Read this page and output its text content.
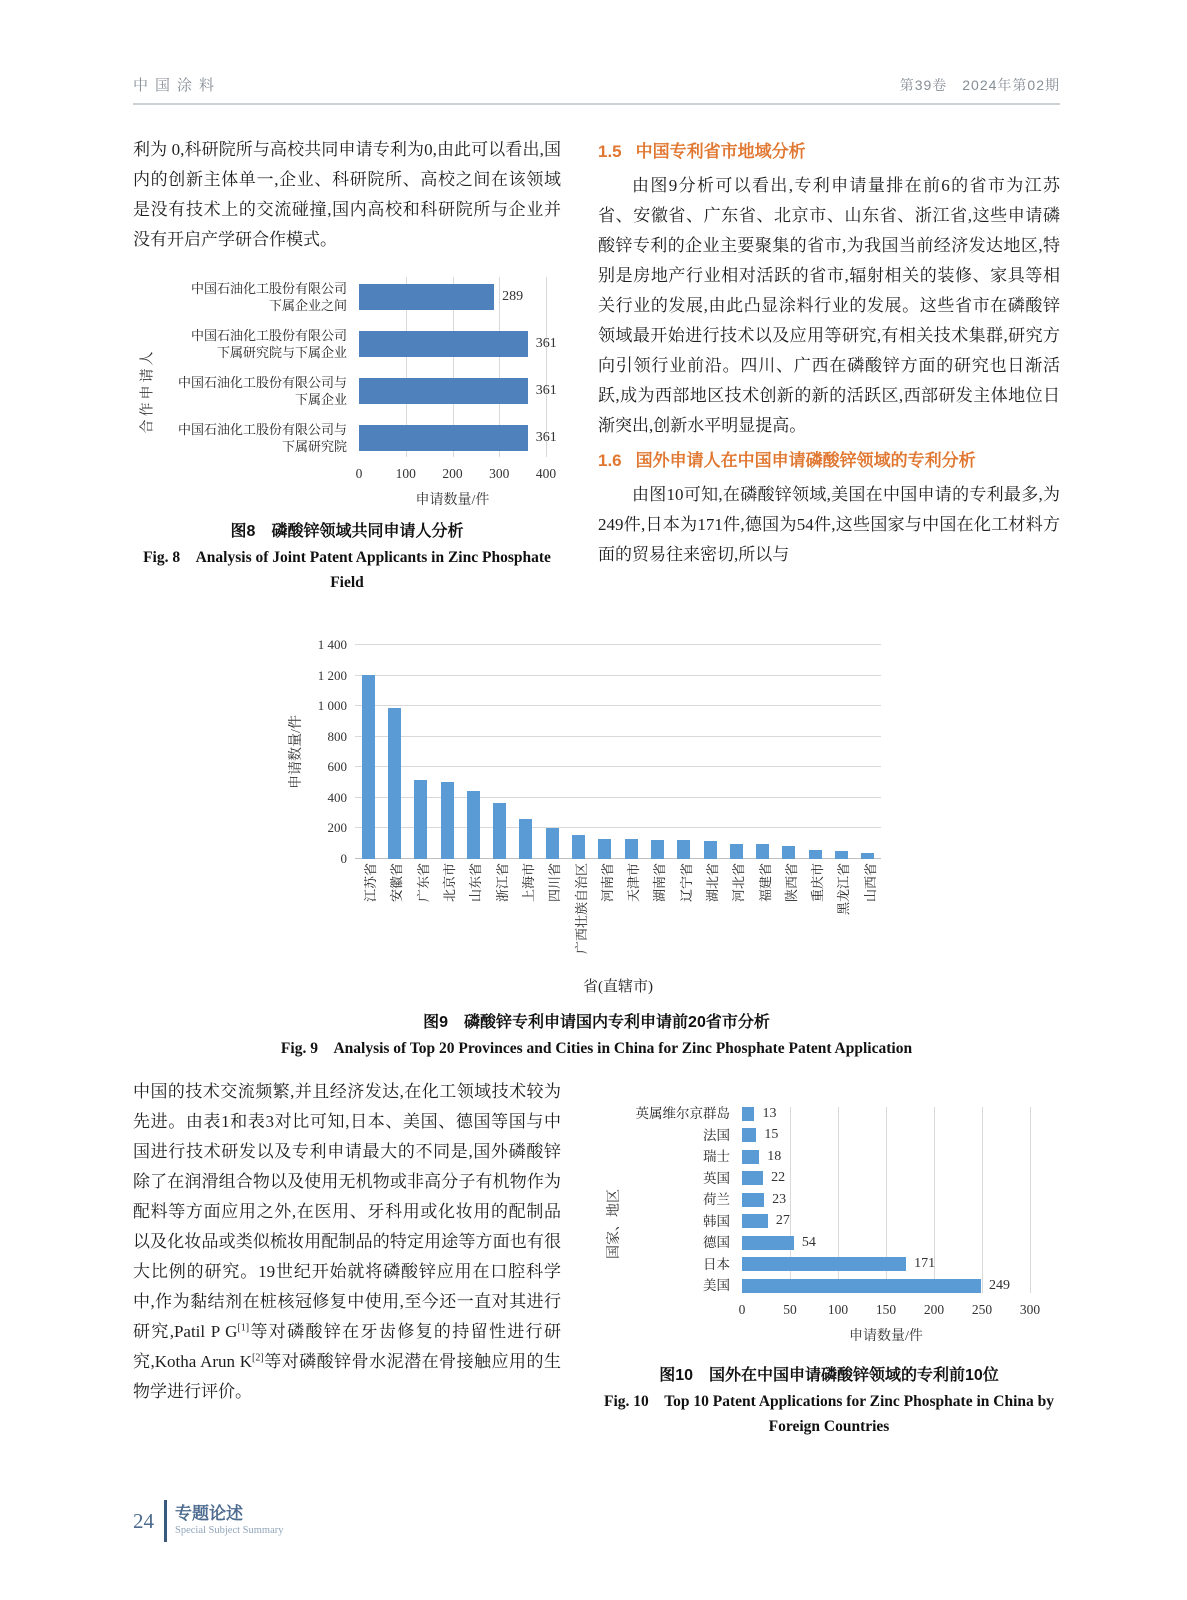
中国涂料	第39卷　2024年第02期

利为 0,科研院所与高校共同申请专利为0,由此可以看出,国内的创新主体单一,企业、科研院所、高校之间在该领域是没有技术上的交流碰撞,国内高校和科研院所与企业并没有开启产学研合作模式。

合作申请人
中国石油化工股份有限公司
下属企业之间
289
中国石油化工股份有限公司
下属研究院与下属企业
361
中国石油化工股份有限公司与
下属企业
361
中国石油化工股份有限公司与
下属研究院
361
0 100 200 300 400
申请数量/件
图8　磷酸锌领域共同申请人分析
Fig. 8　Analysis of Joint Patent Applicants in Zinc Phosphate Field
1.5 中国专利省市地域分析

由图9分析可以看出,专利申请量排在前6的省市为江苏省、安徽省、广东省、北京市、山东省、浙江省,这些申请磷酸锌专利的企业主要聚集的省市,为我国当前经济发达地区,特别是房地产行业相对活跃的省市,辐射相关的装修、家具等相关行业的发展,由此凸显涂料行业的发展。这些省市在磷酸锌领域最开始进行技术以及应用等研究,有相关技术集群,研究方向引领行业前沿。四川、广西在磷酸锌方面的研究也日渐活跃,成为西部地区技术创新的新的活跃区,西部研发主体地位日渐突出,创新水平明显提高。

1.6 国外申请人在中国申请磷酸锌领域的专利分析

由图10可知,在磷酸锌领域,美国在中国申请的专利最多,为249件,日本为171件,德国为54件,这些国家与中国在化工材料方面的贸易往来密切,所以与

申请数量/件
0
200
400
600
800
1 000
1 200
1 400
江苏省 安徽省 广东省 北京市 山东省 浙江省 上海市 四川省 广西壮族自治区 河南省 天津市 湖南省 辽宁省 湖北省 河北省 福建省 陕西省 重庆市 黑龙江省 山西省
省(直辖市)
图9　磷酸锌专利申请国内专利申请前20省市分析
Fig. 9　Analysis of Top 20 Provinces and Cities in China for Zinc Phosphate Patent Application

中国的技术交流频繁,并且经济发达,在化工领域技术较为先进。由表1和表3对比可知,日本、美国、德国等国与中国进行技术研发以及专利申请最大的不同是,国外磷酸锌除了在润滑组合物以及使用无机物或非高分子有机物作为配料等方面应用之外,在医用、牙科用或化妆用的配制品以及化妆品或类似梳妆用配制品的特定用途等方面也有很大比例的研究。19世纪开始就将磷酸锌应用在口腔科学中,作为黏结剂在桩核冠修复中使用,至今还一直对其进行研究,Patil P G[1]等对磷酸锌在牙齿修复的持留性进行研究,Kotha Arun K[2]等对磷酸锌骨水泥潜在骨接触应用的生物学进行评价。

国家、地区
英属维尔京群岛 13
法国 15
瑞士	18
英国	22
荷兰	23
韩国	27
德国	54
日本	171
美国	249
0	50 100 150 200 250 300
申请数量/件
图10　国外在中国申请磷酸锌领域的专利前10位
Fig. 10　Top 10 Patent Applications for Zinc Phosphate in China by Foreign Countries
24 专题论述
Special Subject Summary
